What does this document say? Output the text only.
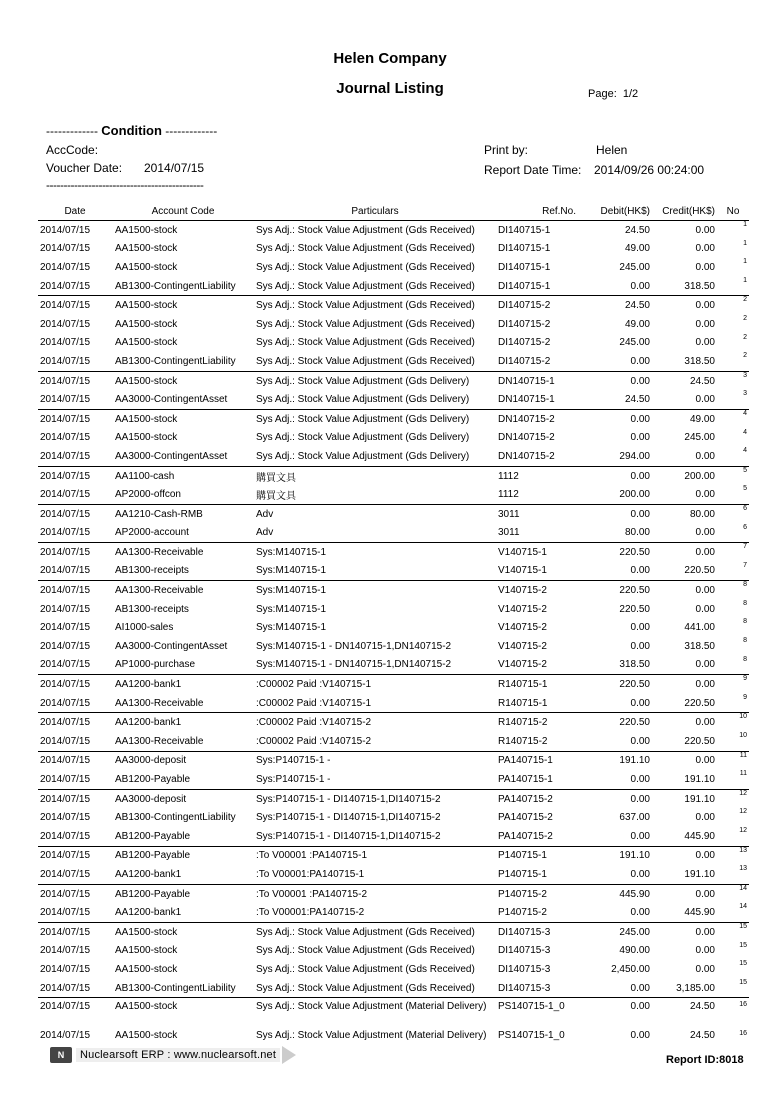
Helen Company
Journal Listing	Page: 1/2
------------- Condition -------------
AccCode:
Voucher Date: 2014/07/15
---------------------------------------------
Print by:	Helen
Report Date Time: 2014/09/26 00:24:00
Date	Account Code	Particulars	Ref.No.	Debit(HK$)	Credit(HK$)	No
2014/07/15	AA1500-stock	Sys Adj.: Stock Value Adjustment (Gds Received)	DI140715-1	24.50	0.00	1
2014/07/15	AA1500-stock	Sys Adj.: Stock Value Adjustment (Gds Received)	DI140715-1	49.00	0.00	1
2014/07/15	AA1500-stock	Sys Adj.: Stock Value Adjustment (Gds Received)	DI140715-1	245.00	0.00	1
2014/07/15	AB1300-ContingentLiability	Sys Adj.: Stock Value Adjustment (Gds Received)	DI140715-1	0.00	318.50	1
2014/07/15	AA1500-stock	Sys Adj.: Stock Value Adjustment (Gds Received)	DI140715-2	24.50	0.00	2
2014/07/15	AA1500-stock	Sys Adj.: Stock Value Adjustment (Gds Received)	DI140715-2	49.00	0.00	2
2014/07/15	AA1500-stock	Sys Adj.: Stock Value Adjustment (Gds Received)	DI140715-2	245.00	0.00	2
2014/07/15	AB1300-ContingentLiability	Sys Adj.: Stock Value Adjustment (Gds Received)	DI140715-2	0.00	318.50	2
2014/07/15	AA1500-stock	Sys Adj.: Stock Value Adjustment (Gds Delivery)	DN140715-1	0.00	24.50	3
2014/07/15	AA3000-ContingentAsset	Sys Adj.: Stock Value Adjustment (Gds Delivery)	DN140715-1	24.50	0.00	3
2014/07/15	AA1500-stock	Sys Adj.: Stock Value Adjustment (Gds Delivery)	DN140715-2	0.00	49.00	4
2014/07/15	AA1500-stock	Sys Adj.: Stock Value Adjustment (Gds Delivery)	DN140715-2	0.00	245.00	4
2014/07/15	AA3000-ContingentAsset	Sys Adj.: Stock Value Adjustment (Gds Delivery)	DN140715-2	294.00	0.00	4
2014/07/15	AA1100-cash	購買文具	1112	0.00	200.00	5
2014/07/15	AP2000-offcon	購買文具	1112	200.00	0.00	5
2014/07/15	AA1210-Cash-RMB	Adv	3011	0.00	80.00	6
2014/07/15	AP2000-account	Adv	3011	80.00	0.00	6
2014/07/15	AA1300-Receivable	Sys:M140715-1	V140715-1	220.50	0.00	7
2014/07/15	AB1300-receipts	Sys:M140715-1	V140715-1	0.00	220.50	7
2014/07/15	AA1300-Receivable	Sys:M140715-1	V140715-2	220.50	0.00	8
2014/07/15	AB1300-receipts	Sys:M140715-1	V140715-2	220.50	0.00	8
2014/07/15	AI1000-sales	Sys:M140715-1	V140715-2	0.00	441.00	8
2014/07/15	AA3000-ContingentAsset	Sys:M140715-1 - DN140715-1,DN140715-2	V140715-2	0.00	318.50	8
2014/07/15	AP1000-purchase	Sys:M140715-1 - DN140715-1,DN140715-2	V140715-2	318.50	0.00	8
2014/07/15	AA1200-bank1	:C00002 Paid :V140715-1	R140715-1	220.50	0.00	9
2014/07/15	AA1300-Receivable	:C00002 Paid :V140715-1	R140715-1	0.00	220.50	9
2014/07/15	AA1200-bank1	:C00002 Paid :V140715-2	R140715-2	220.50	0.00	10
2014/07/15	AA1300-Receivable	:C00002 Paid :V140715-2	R140715-2	0.00	220.50	10
2014/07/15	AA3000-deposit	Sys:P140715-1 -	PA140715-1	191.10	0.00	11
2014/07/15	AB1200-Payable	Sys:P140715-1 -	PA140715-1	0.00	191.10	11
2014/07/15	AA3000-deposit	Sys:P140715-1 - DI140715-1,DI140715-2	PA140715-2	0.00	191.10	12
2014/07/15	AB1300-ContingentLiability	Sys:P140715-1 - DI140715-1,DI140715-2	PA140715-2	637.00	0.00	12
2014/07/15	AB1200-Payable	Sys:P140715-1 - DI140715-1,DI140715-2	PA140715-2	0.00	445.90	12
2014/07/15	AB1200-Payable	:To V00001 :PA140715-1	P140715-1	191.10	0.00	13
2014/07/15	AA1200-bank1	:To V00001:PA140715-1	P140715-1	0.00	191.10	13
2014/07/15	AB1200-Payable	:To V00001 :PA140715-2	P140715-2	445.90	0.00	14
2014/07/15	AA1200-bank1	:To V00001:PA140715-2	P140715-2	0.00	445.90	14
2014/07/15	AA1500-stock	Sys Adj.: Stock Value Adjustment (Gds Received)	DI140715-3	245.00	0.00	15
2014/07/15	AA1500-stock	Sys Adj.: Stock Value Adjustment (Gds Received)	DI140715-3	490.00	0.00	15
2014/07/15	AA1500-stock	Sys Adj.: Stock Value Adjustment (Gds Received)	DI140715-3	2,450.00	0.00	15
2014/07/15	AB1300-ContingentLiability	Sys Adj.: Stock Value Adjustment (Gds Received)	DI140715-3	0.00	3,185.00	15
2014/07/15	AA1500-stock	Sys Adj.: Stock Value Adjustment (Material Delivery)	PS140715-1_0	0.00	24.50	16
2014/07/15	AA1500-stock	Sys Adj.: Stock Value Adjustment (Material Delivery)	PS140715-1_0	0.00	24.50	16
N	Nuclearsoft ERP : www.nuclearsoft.net	Report ID:8018
